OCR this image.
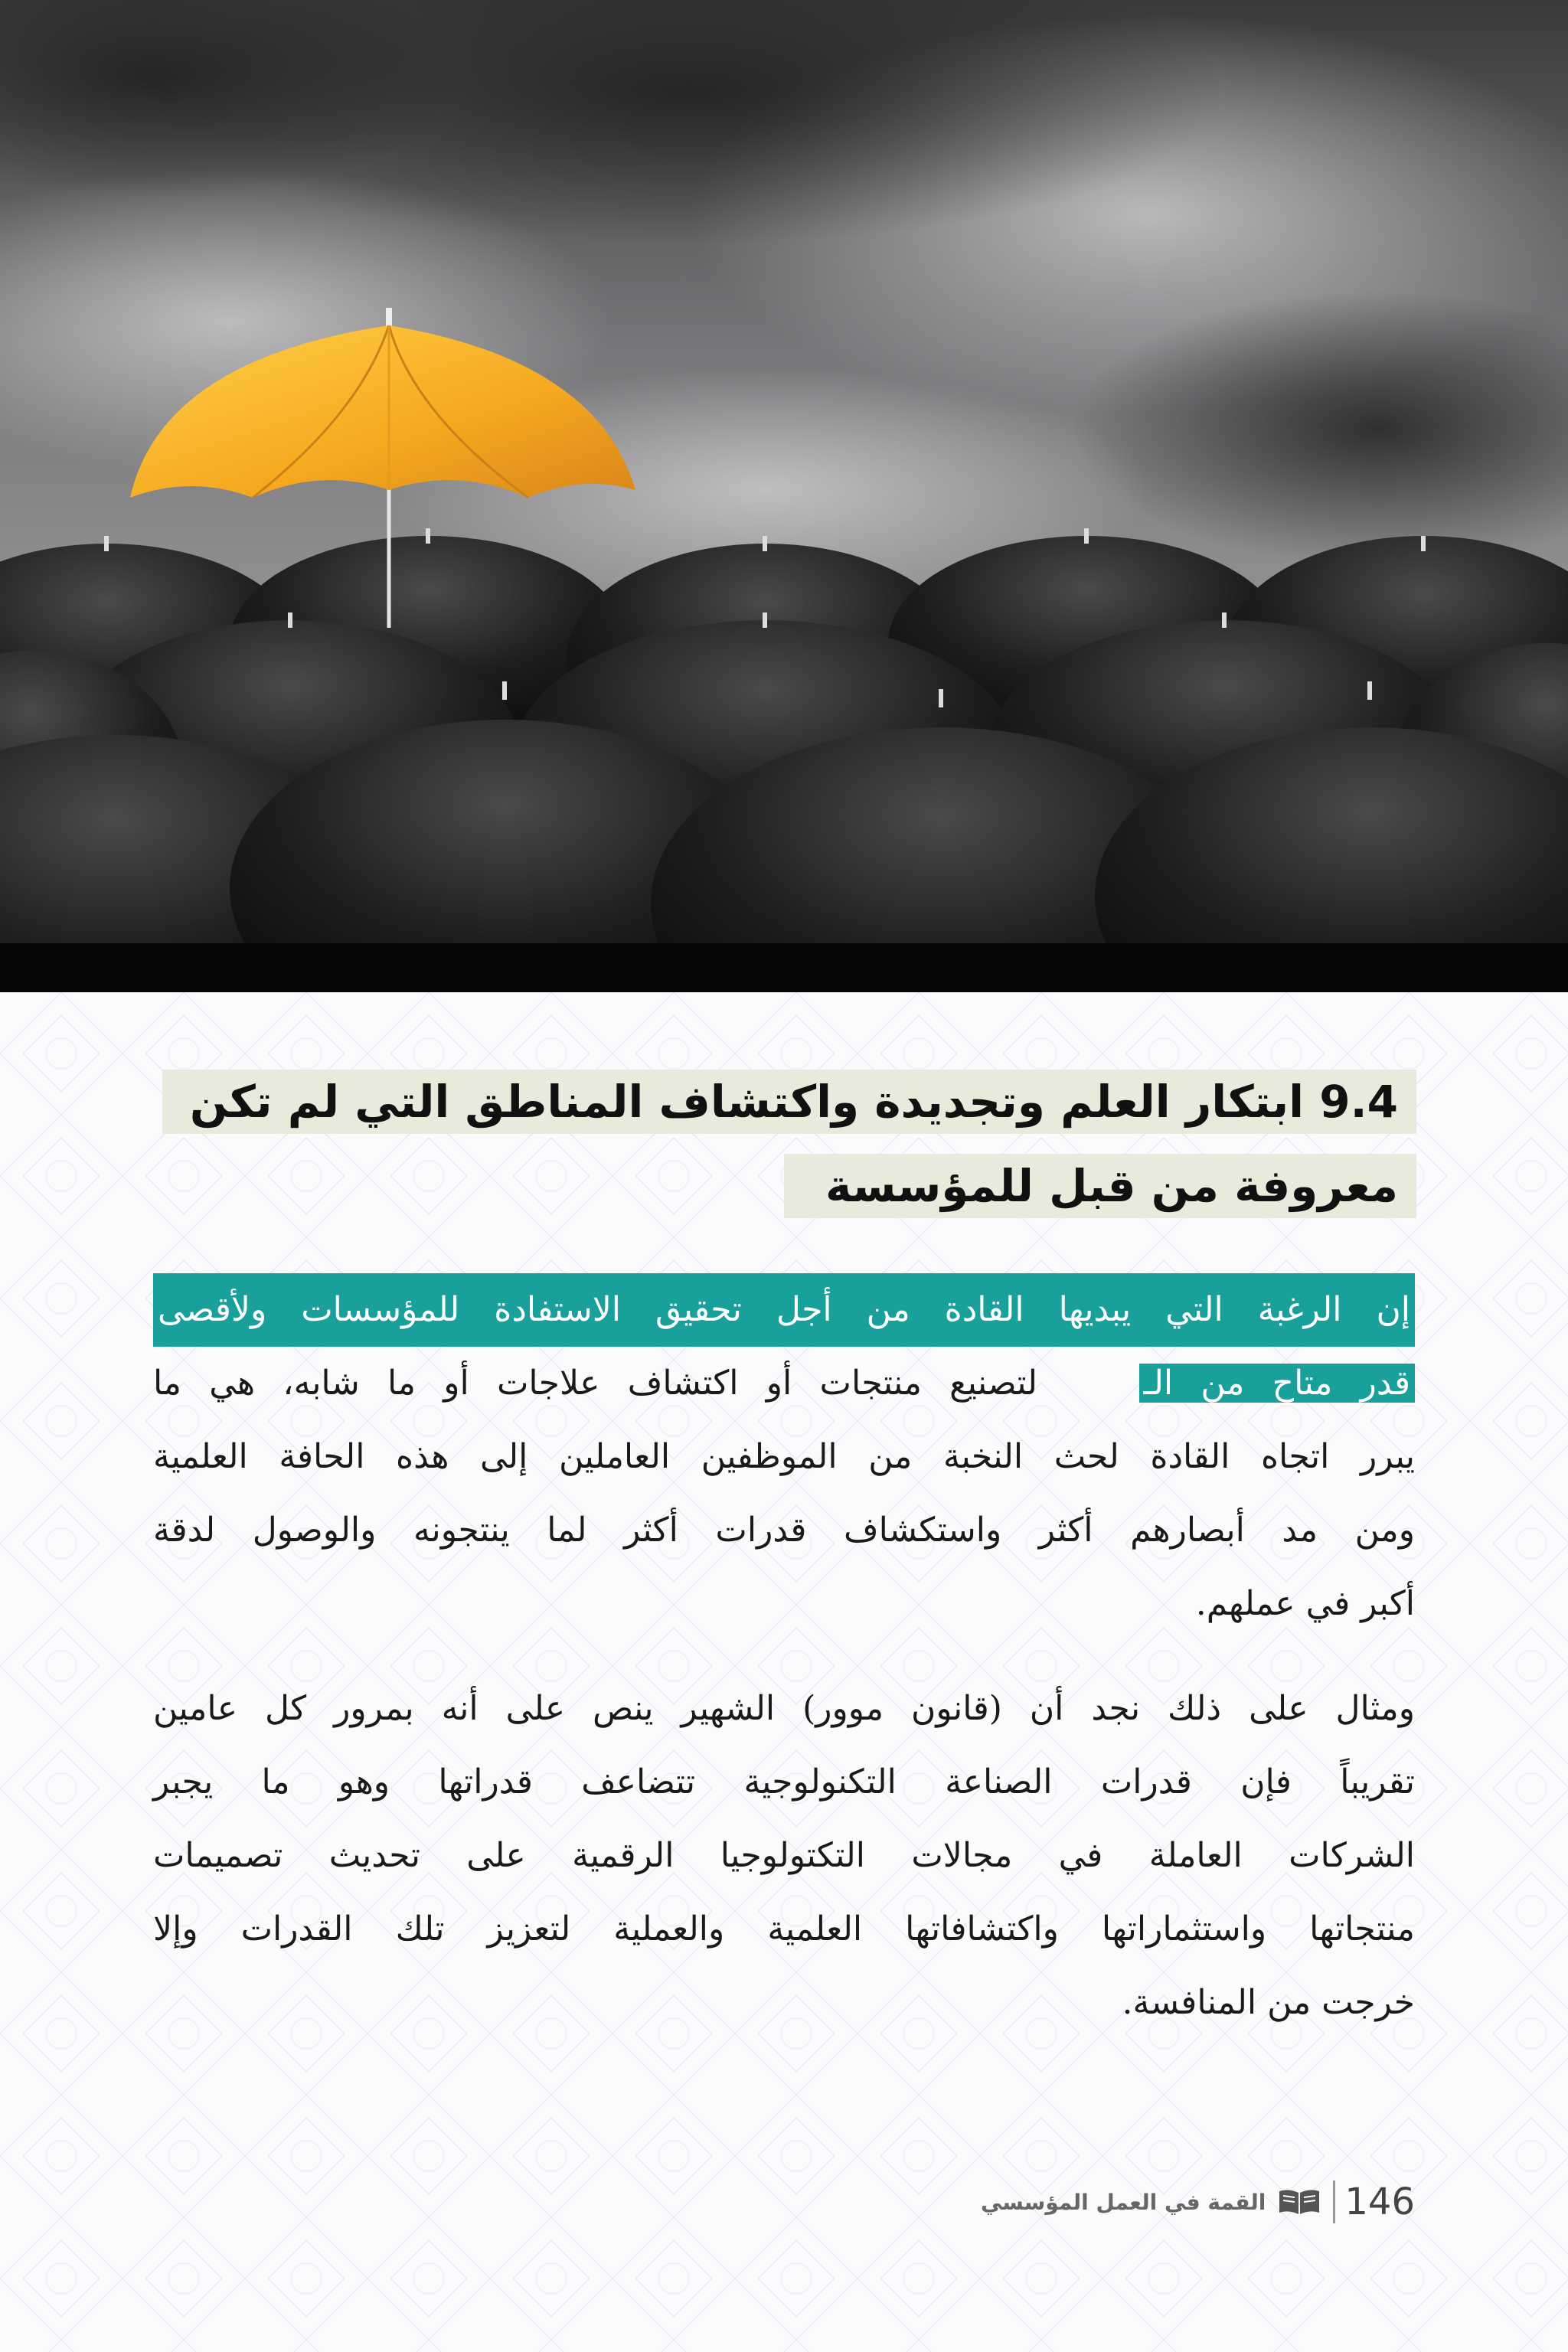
9.4 ابتكار العلم وتجديدة واكتشاف المناطق التي لم تكن
معروفة من قبل للمؤسسة
إن الرغبة التي يبديها القادة من أجل تحقيق الاستفادة للمؤسسات ولأقصى
قدر متاح من الـ  لتصنيع منتجات أو اكتشاف علاجات أو ما شابه، هي ما
يبرر اتجاه القادة لحث النخبة من الموظفين العاملين إلى هذه الحافة العلمية
ومن مد أبصارهم أكثر واستكشاف قدرات أكثر لما ينتجونه والوصول لدقة
أكبر في عملهم.
ومثال على ذلك نجد أن (قانون موور) الشهير ينص على أنه بمرور كل عامين
تقريباً فإن قدرات الصناعة التكنولوجية تتضاعف قدراتها وهو ما يجبر
الشركات العاملة في مجالات التكتولوجيا الرقمية على تحديث تصميمات
منتجاتها واستثماراتها واكتشافاتها العلمية والعملية لتعزيز تلك القدرات وإلا
خرجت من المنافسة.
146
القمة في العمل المؤسسي
